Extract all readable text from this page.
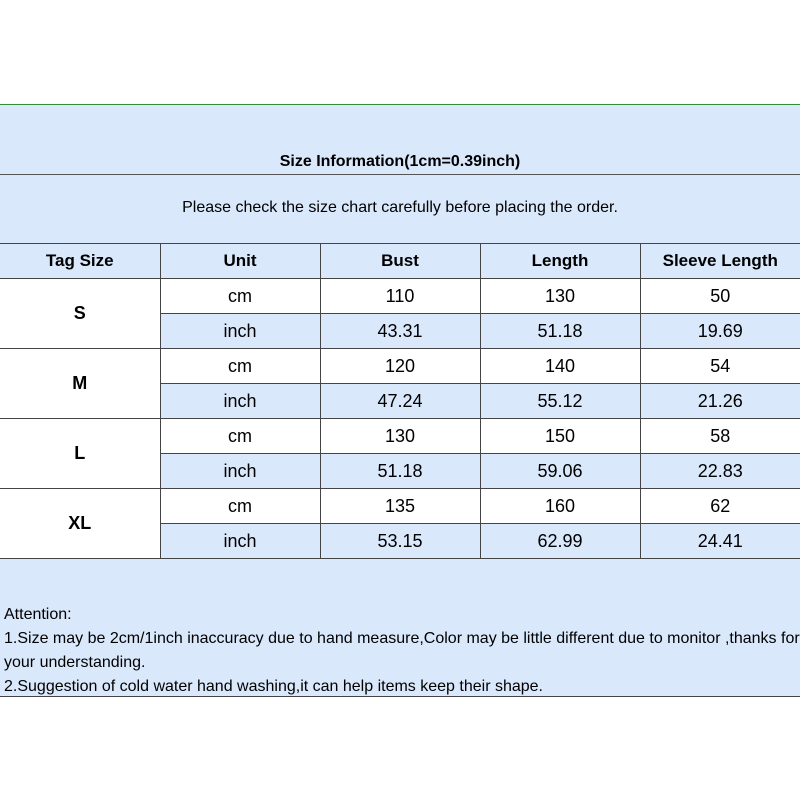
Size Information(1cm=0.39inch)
Please check the size chart carefully before placing the order.
Tag Size	Unit	Bust	Length	Sleeve Length
S	cm	110	130	50
	inch	43.31	51.18	19.69
M	cm	120	140	54
	inch	47.24	55.12	21.26
L	cm	130	150	58
	inch	51.18	59.06	22.83
XL	cm	135	160	62
	inch	53.15	62.99	24.41

Attention:

1.Size may be 2cm/1inch inaccuracy due to hand measure,Color may be little different due to monitor ,thanks for your understanding.

2.Suggestion of cold water hand washing,it can help items keep their shape.
